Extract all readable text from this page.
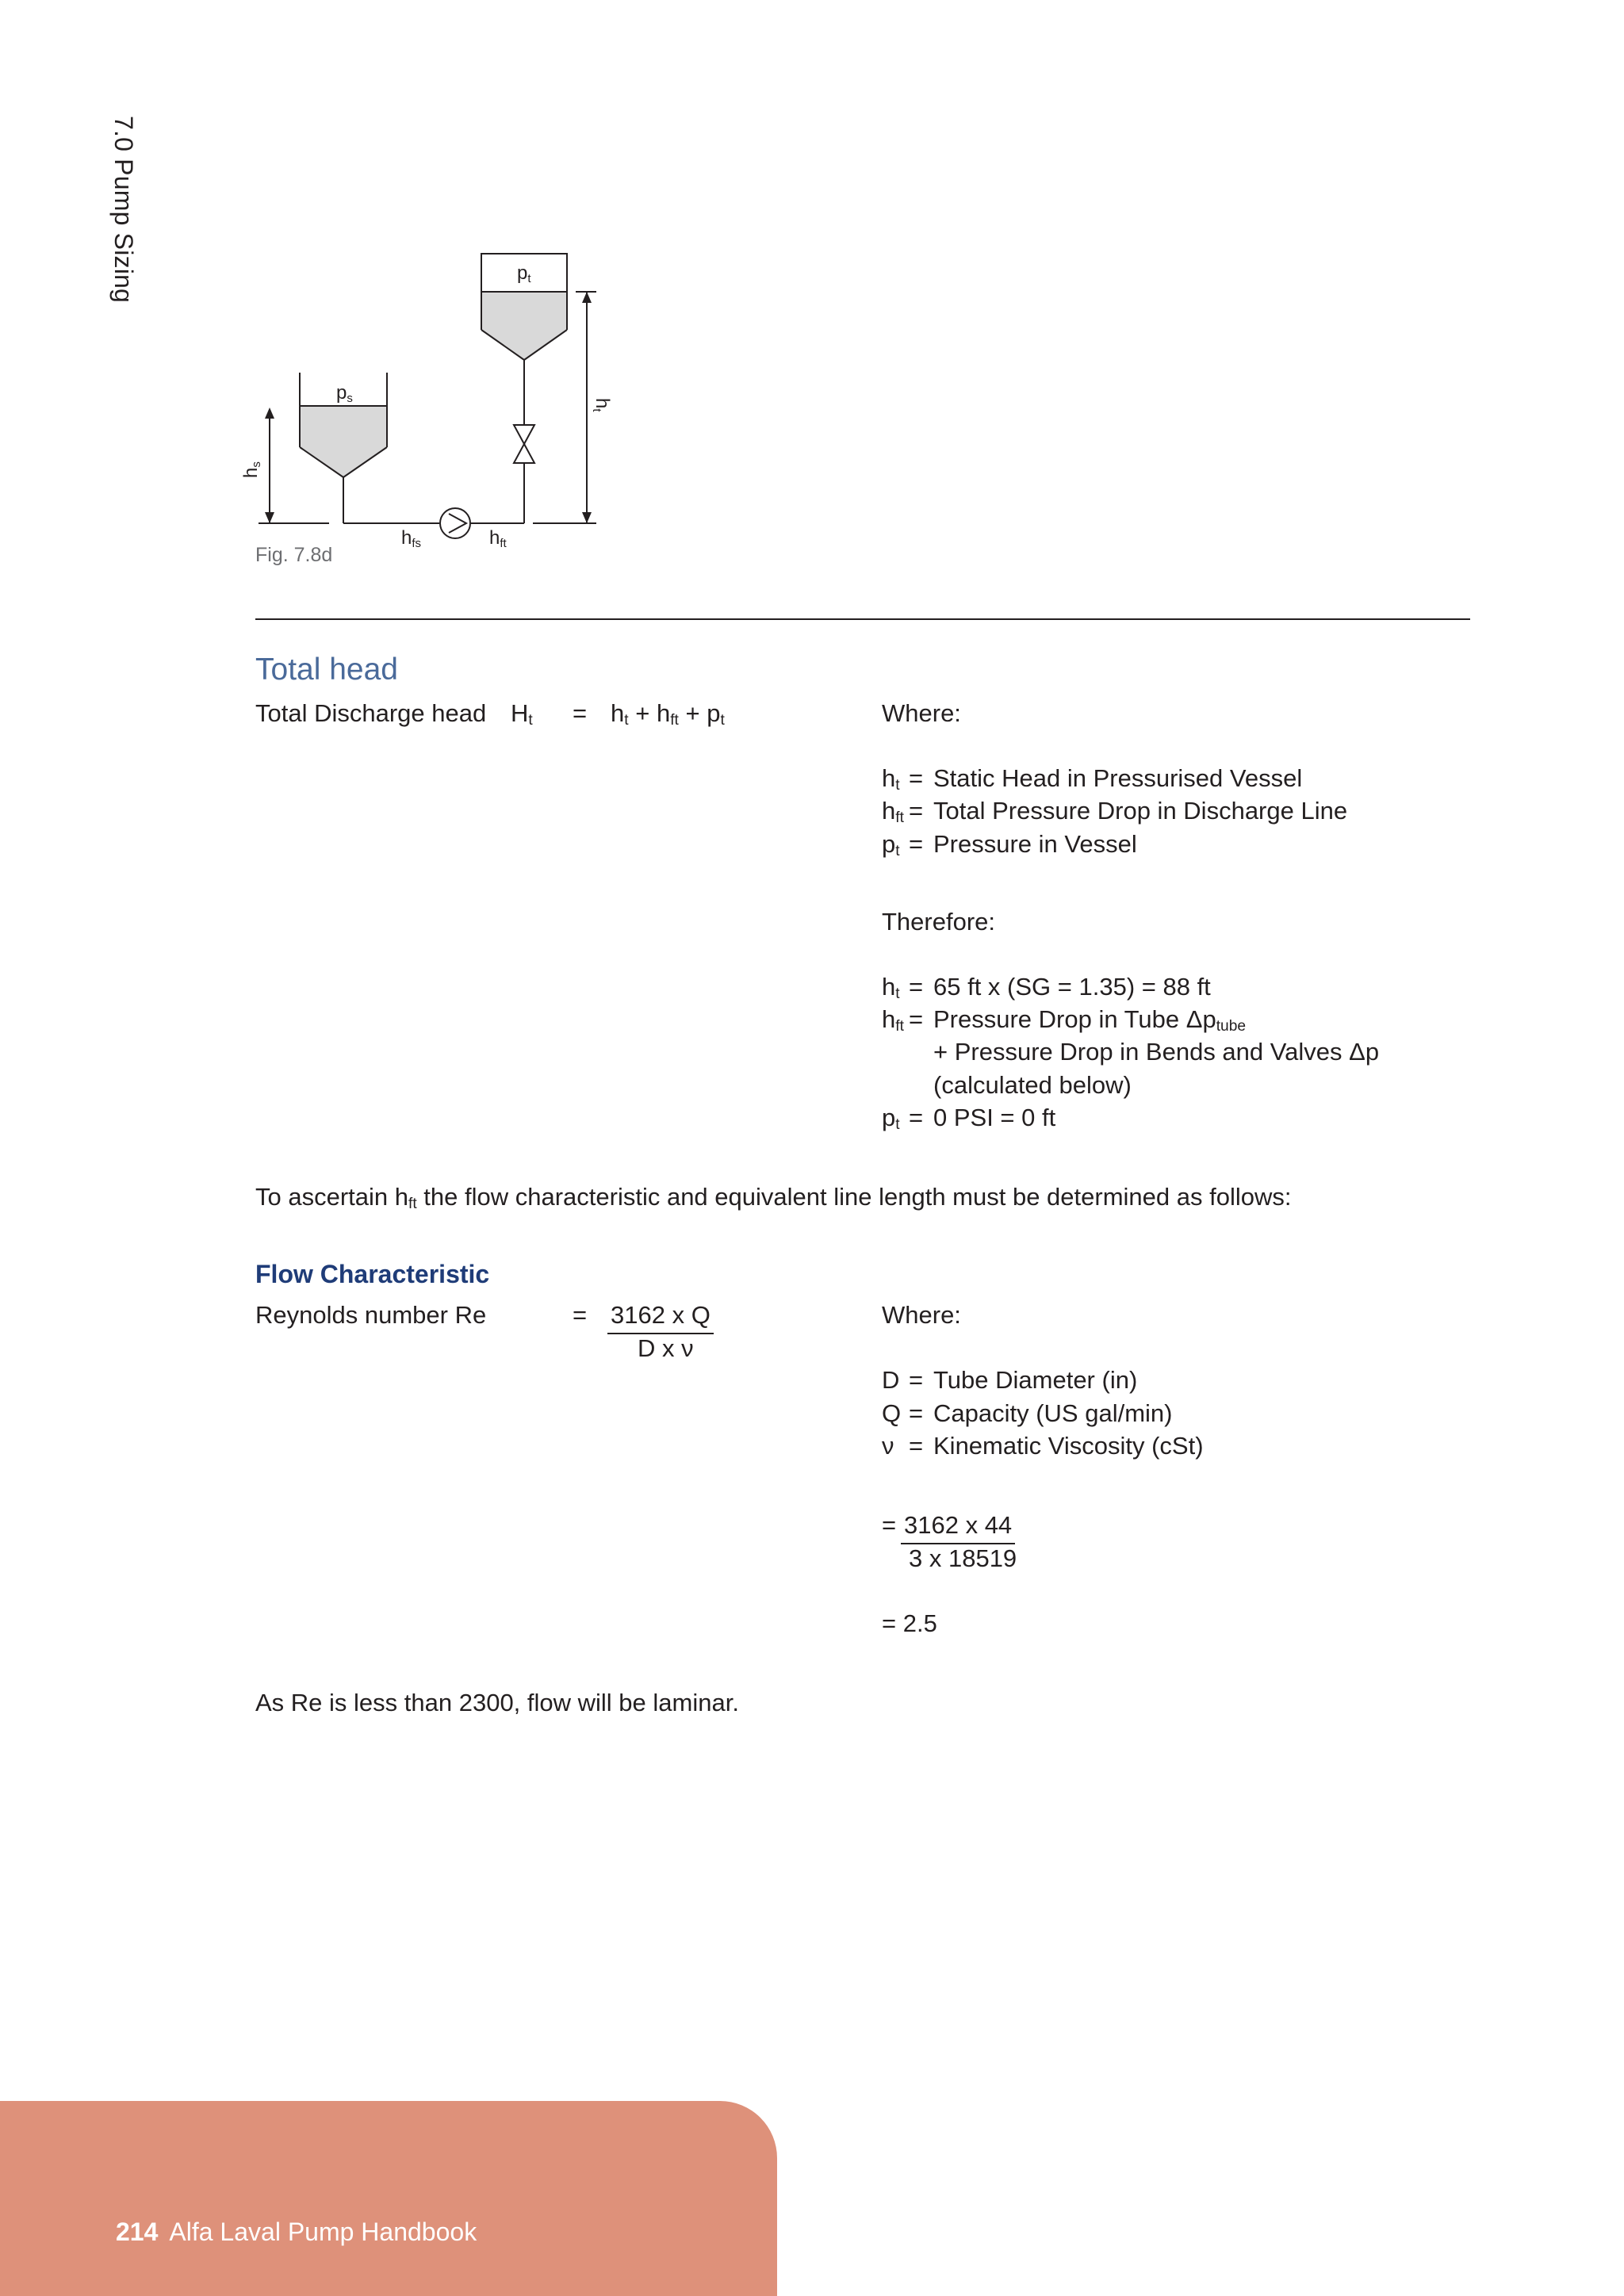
7.0 Pump Sizing
ps
pt
hfs	hft
hs
ht
Fig. 7.8d
Total head
Total Discharge head $H_t = h_t + h_{ft} + p_t$	Where:
$h_t$ = Static Head in Pressurised Vessel
$h_{ft}$ = Total Pressure Drop in Discharge Line
$p_t$ = Pressure in Vessel
Therefore:
$h_t = 65$ ft x (SG = 1.35) = 88 ft
$h_{ft}$ = Pressure Drop in Tube $\Delta p_{tube}$
+ Pressure Drop in Bends and Valves Δp
(calculated below)
$p_t = 0$ PSI = 0 ft
To ascertain $h_{ft}$ the flow characteristic and equivalent line length must be determined as follows:
Flow Characteristic
Reynolds number Re	= 3162 x Q
D x ν
Where:
D = Tube Diameter (in)
Q = Capacity (US gal/min)
ν = Kinematic Viscosity (cSt)
= 3162 x 44
3 x 18519
= 2.5
As Re is less than 2300, flow will be laminar.
214 Alfa Laval Pump Handbook
